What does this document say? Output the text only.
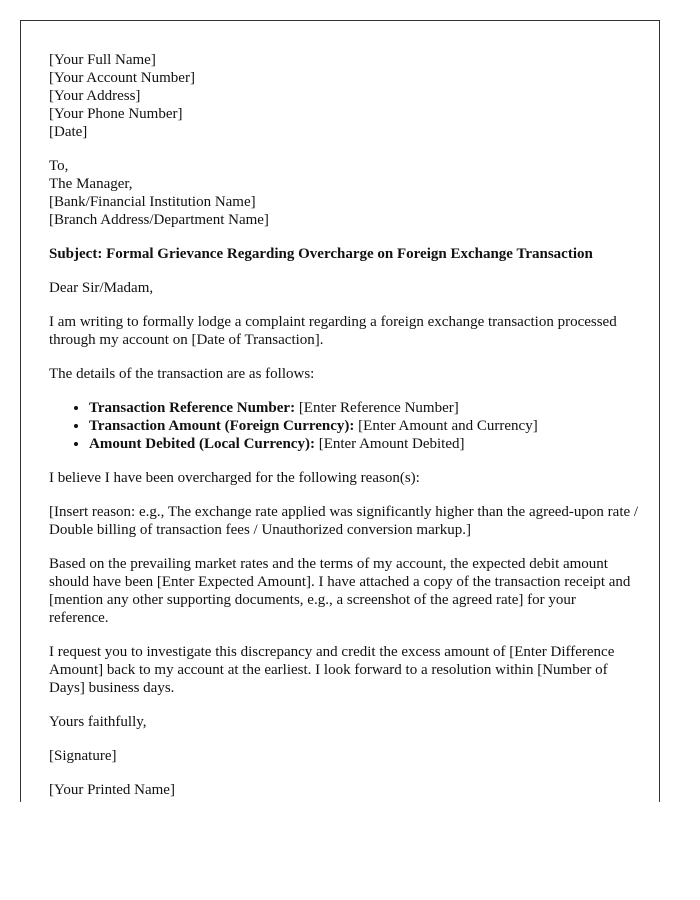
[Your Full Name]
[Your Account Number]
[Your Address]
[Your Phone Number]
[Date]
To,
The Manager,
[Bank/Financial Institution Name]
[Branch Address/Department Name]

Subject: Formal Grievance Regarding Overcharge on Foreign Exchange Transaction

Dear Sir/Madam,

I am writing to formally lodge a complaint regarding a foreign exchange transaction processed through my account on [Date of Transaction].

The details of the transaction are as follows:

• Transaction Reference Number: [Enter Reference Number]
• Transaction Amount (Foreign Currency): [Enter Amount and Currency]
• Amount Debited (Local Currency): [Enter Amount Debited]

I believe I have been overcharged for the following reason(s):

[Insert reason: e.g., The exchange rate applied was significantly higher than the agreed-upon rate / Double billing of transaction fees / Unauthorized conversion markup.]

Based on the prevailing market rates and the terms of my account, the expected debit amount should have been [Enter Expected Amount]. I have attached a copy of the transaction receipt and [mention any other supporting documents, e.g., a screenshot of the agreed rate] for your reference.

I request you to investigate this discrepancy and credit the excess amount of [Enter Difference Amount] back to my account at the earliest. I look forward to a resolution within [Number of Days] business days.

Yours faithfully,

[Signature]

[Your Printed Name]
